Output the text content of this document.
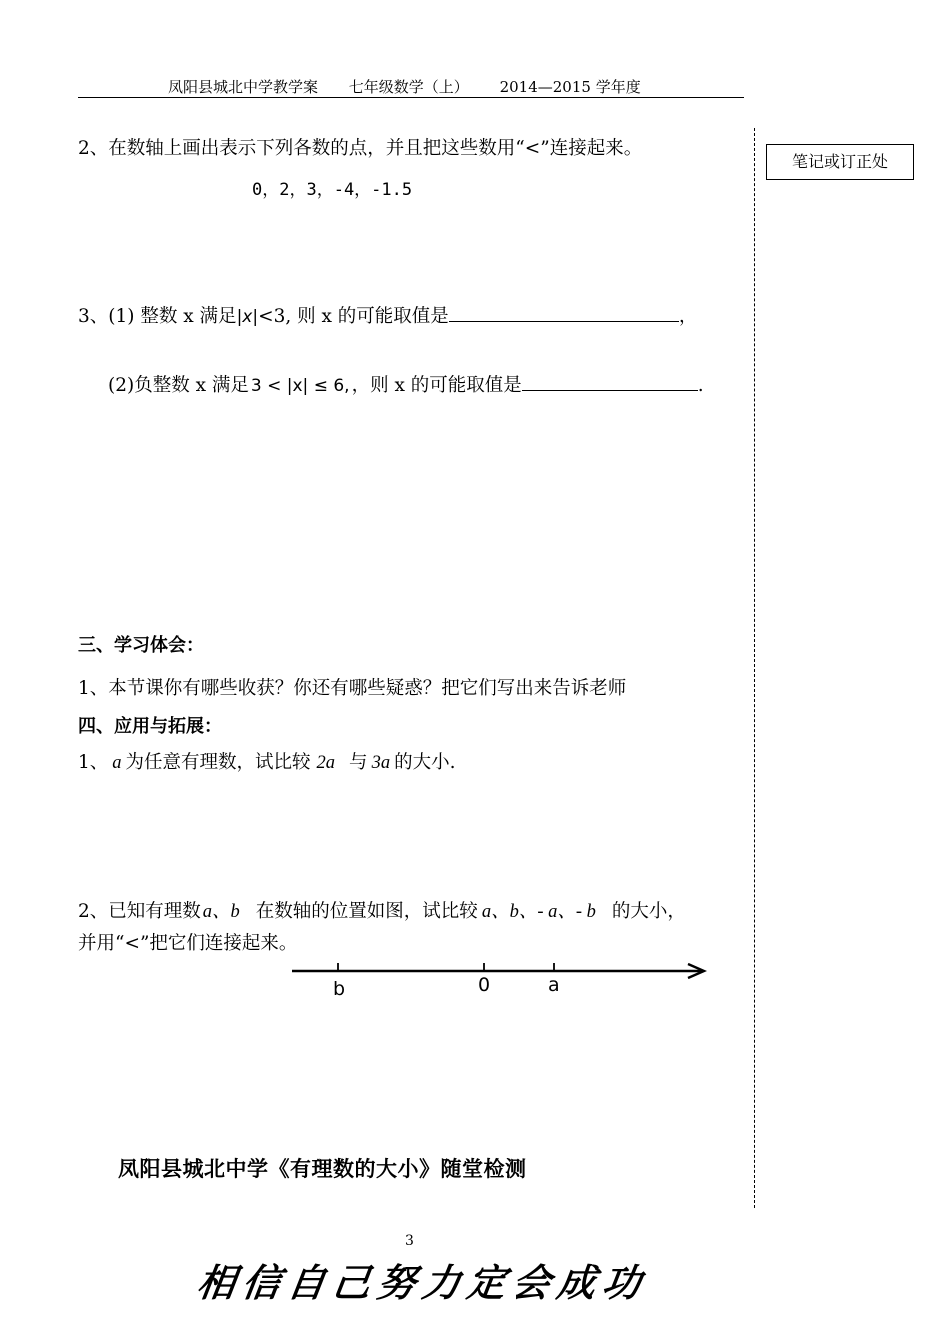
凤阳县城北中学教学案 七年级数学（上） 2014—2015 学年度
笔记或订正处
2、在数轴上画出表示下列各数的点，并且把这些数用“<”连接起来。
0，2，3，-4，-1.5
3、(1) 整数 x 满足|x|<3, 则 x 的可能取值是	，
(2)负整数 x 满足 3 < |x| ≤ 6, ，则 x 的可能取值是	.
三、学习体会：
1、本节课你有哪些收获？你还有哪些疑惑？把它们写出来告诉老师
四、应用与拓展：
1、 a 为任意有理数，试比较 2a 与 3a 的大小.
2、已知有理数 a、b 在数轴的位置如图，试比较 a、b、- a、- b 的大小，
并用“<”把它们连接起来。
b	0	a
凤阳县城北中学《有理数的大小》随堂检测
3
相信自己努力定会成功
